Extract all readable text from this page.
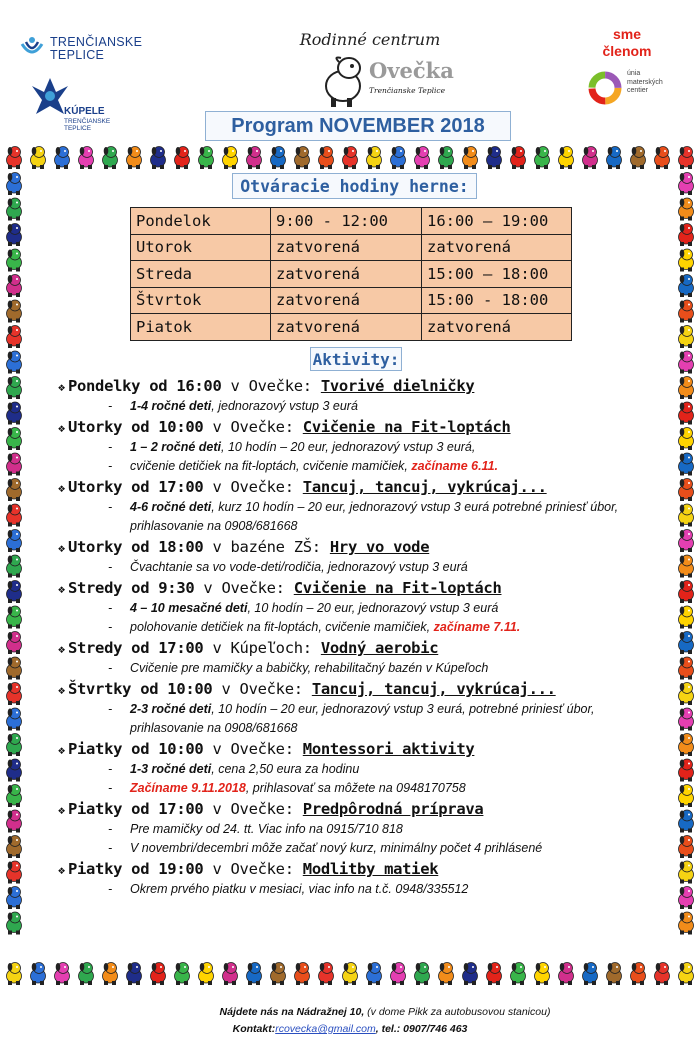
TRENČIANSKE
TEPLICE
KÚPELE
TRENČIANSKE TEPLICE
Rodinné centrum
Ovečka
Trenčianske Teplice
sme
členom
únia
materských
centier
Program NOVEMBER 2018
Otváracie hodiny herne:
Pondelok	9:00 - 12:00	16:00 – 19:00
Utorok	zatvorená	zatvorená
Streda	zatvorená	15:00 – 18:00
Štvrtok	zatvorená	15:00 - 18:00
Piatok	zatvorená	zatvorená
Aktivity:
❖ Pondelky od 16:00 v Ovečke: Tvorivé dielničky
- 1-4 ročné deti, jednorazový vstup 3 eurá
❖ Utorky od 10:00 v Ovečke: Cvičenie na Fit-loptách
- 1 – 2 ročné deti, 10 hodín – 20 eur, jednorazový vstup 3 eurá,
- cvičenie detičiek na fit-loptách, cvičenie mamičiek, začíname 6.11.
❖ Utorky od 17:00 v Ovečke: Tancuj, tancuj, vykrúcaj...
- 4-6 ročné deti, kurz 10 hodín – 20 eur, jednorazový vstup 3 eurá potrebné priniesť úbor, prihlasovanie na 0908/681668
❖ Utorky od 18:00 v bazéne ZŠ: Hry vo vode
- Čvachtanie sa vo vode-deti/rodičia, jednorazový vstup 3 eurá
❖ Stredy od 9:30 v Ovečke: Cvičenie na Fit-loptách
- 4 – 10 mesačné deti, 10 hodín – 20 eur, jednorazový vstup 3 eurá
- polohovanie detičiek na fit-loptách, cvičenie mamičiek, začíname 7.11.
❖ Stredy od 17:00 v Kúpeľoch: Vodný aerobic
- Cvičenie pre mamičky a babičky, rehabilitačný bazén v Kúpeľoch
❖ Štvrtky od 10:00 v Ovečke: Tancuj, tancuj, vykrúcaj...
- 2-3 ročné deti, 10 hodín – 20 eur, jednorazový vstup 3 eurá, potrebné priniesť úbor, prihlasovanie na 0908/681668
❖ Piatky od 10:00 v Ovečke: Montessori aktivity
- 1-3 ročné deti, cena 2,50 eura za hodinu
- Začíname 9.11.2018, prihlasovať sa môžete na 0948170758
❖ Piatky od 17:00 v Ovečke: Predpôrodná príprava
- Pre mamičky od 24. tt. Viac info na 0915/710 818
- V novembri/decembri môže začať nový kurz, minimálny počet 4 prihlásené
❖ Piatky od 19:00 v Ovečke: Modlitby matiek
- Okrem prvého piatku v mesiaci, viac info na t.č. 0948/335512
Nájdete nás na Nádražnej 10, (v dome Pikk za autobusovou stanicou)
Kontakt:rcovecka@gmail.com, tel.: 0907/746 463
